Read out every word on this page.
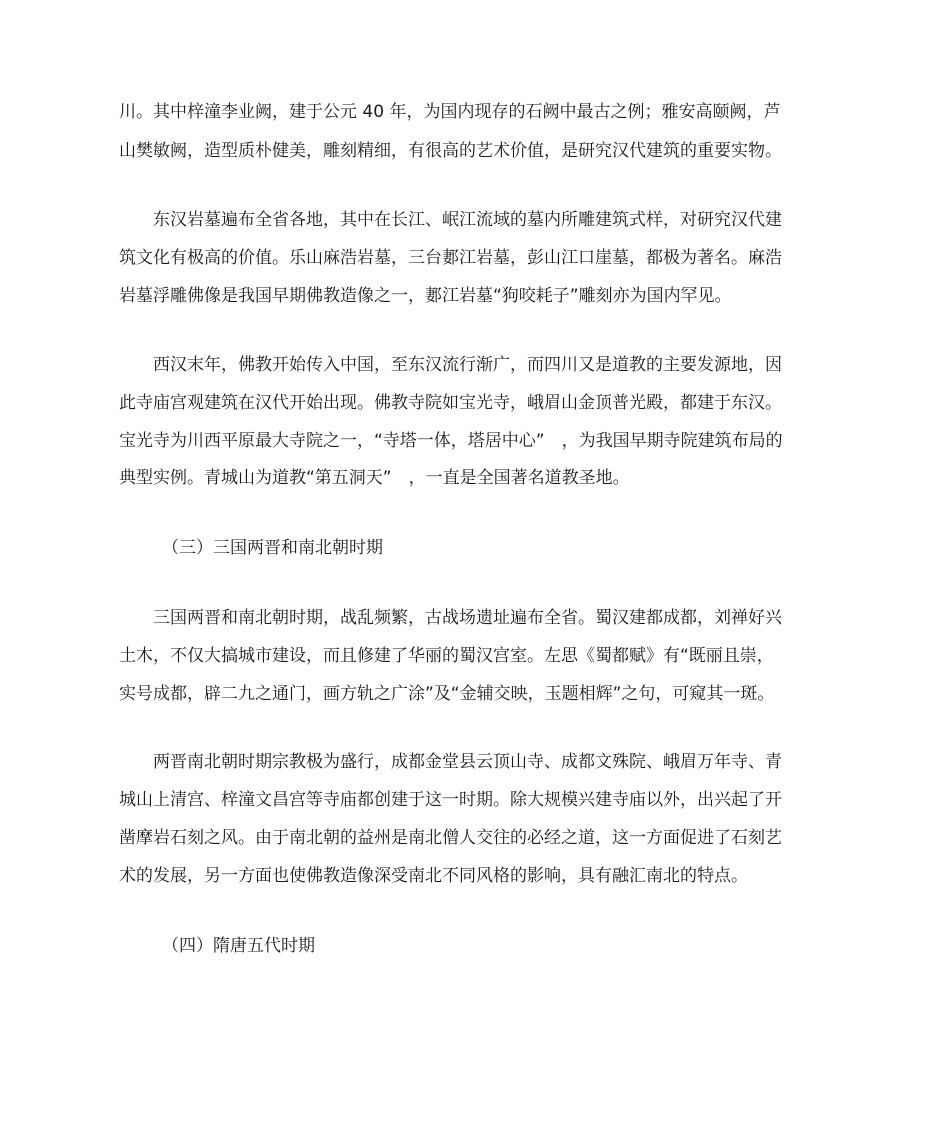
川。其中梓潼李业阙，建于公元 40 年，为国内现存的石阙中最古之例；雅安高颐阙，芦
山樊敏阙，造型质朴健美，雕刻精细，有很高的艺术价值，是研究汉代建筑的重要实物。
　　东汉岩墓遍布全省各地，其中在长江、岷江流域的墓内所雕建筑式样，对研究汉代建
筑文化有极高的价值。乐山麻浩岩墓，三台郪江岩墓，彭山江口崖墓，都极为著名。麻浩
岩墓浮雕佛像是我国早期佛教造像之一，郪江岩墓“狗咬耗子”雕刻亦为国内罕见。
　　西汉末年，佛教开始传入中国，至东汉流行渐广，而四川又是道教的主要发源地，因
此寺庙宫观建筑在汉代开始出现。佛教寺院如宝光寺，峨眉山金顶普光殿，都建于东汉。
宝光寺为川西平原最大寺院之一，“寺塔一体，塔居中心”　，为我国早期寺院建筑布局的
典型实例。青城山为道教“第五洞天”　，一直是全国著名道教圣地。
（三）三国两晋和南北朝时期
　　三国两晋和南北朝时期，战乱频繁，古战场遗址遍布全省。蜀汉建都成都，刘禅好兴
土木，不仅大搞城市建设，而且修建了华丽的蜀汉宫室。左思《蜀都赋》有“既丽且崇，
实号成都，辟二九之通门，画方轨之广涂”及“金辅交映，玉题相辉”之句，可窥其一斑。
　　两晋南北朝时期宗教极为盛行，成都金堂县云顶山寺、成都文殊院、峨眉万年寺、青
城山上清宫、梓潼文昌宫等寺庙都创建于这一时期。除大规模兴建寺庙以外，出兴起了开
凿摩岩石刻之风。由于南北朝的益州是南北僧人交往的必经之道，这一方面促进了石刻艺
术的发展，另一方面也使佛教造像深受南北不同风格的影响，具有融汇南北的特点。
（四）隋唐五代时期
